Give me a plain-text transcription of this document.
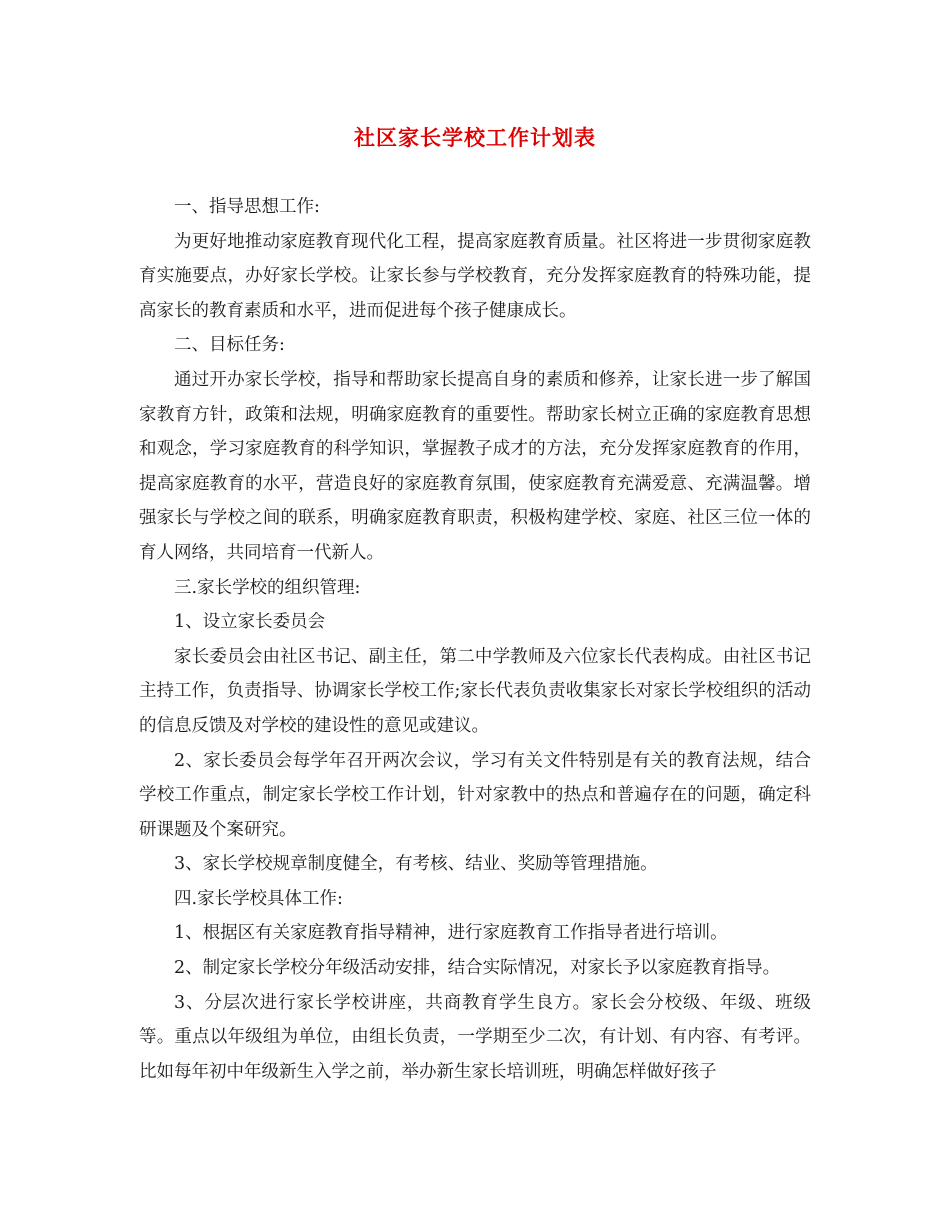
社区家长学校工作计划表

一、指导思想工作:

为更好地推动家庭教育现代化工程，提高家庭教育质量。社区将进一步贯彻家庭教育实施要点，办好家长学校。让家长参与学校教育，充分发挥家庭教育的特殊功能，提高家长的教育素质和水平，进而促进每个孩子健康成长。

二、目标任务:

通过开办家长学校，指导和帮助家长提高自身的素质和修养，让家长进一步了解国家教育方针，政策和法规，明确家庭教育的重要性。帮助家长树立正确的家庭教育思想和观念，学习家庭教育的科学知识，掌握教子成才的方法，充分发挥家庭教育的作用，提高家庭教育的水平，营造良好的家庭教育氛围，使家庭教育充满爱意、充满温馨。增强家长与学校之间的联系，明确家庭教育职责，积极构建学校、家庭、社区三位一体的育人网络，共同培育一代新人。

三.家长学校的组织管理:

1、设立家长委员会

家长委员会由社区书记、副主任，第二中学教师及六位家长代表构成。由社区书记主持工作，负责指导、协调家长学校工作;家长代表负责收集家长对家长学校组织的活动的信息反馈及对学校的建设性的意见或建议。

2、家长委员会每学年召开两次会议，学习有关文件特别是有关的教育法规，结合学校工作重点，制定家长学校工作计划，针对家教中的热点和普遍存在的问题，确定科研课题及个案研究。

3、家长学校规章制度健全，有考核、结业、奖励等管理措施。

四.家长学校具体工作:

1、根据区有关家庭教育指导精神，进行家庭教育工作指导者进行培训。

2、制定家长学校分年级活动安排，结合实际情况，对家长予以家庭教育指导。

3、分层次进行家长学校讲座，共商教育学生良方。家长会分校级、年级、班级等。重点以年级组为单位，由组长负责，一学期至少二次，有计划、有内容、有考评。比如每年初中年级新生入学之前，举办新生家长培训班，明确怎样做好孩子
